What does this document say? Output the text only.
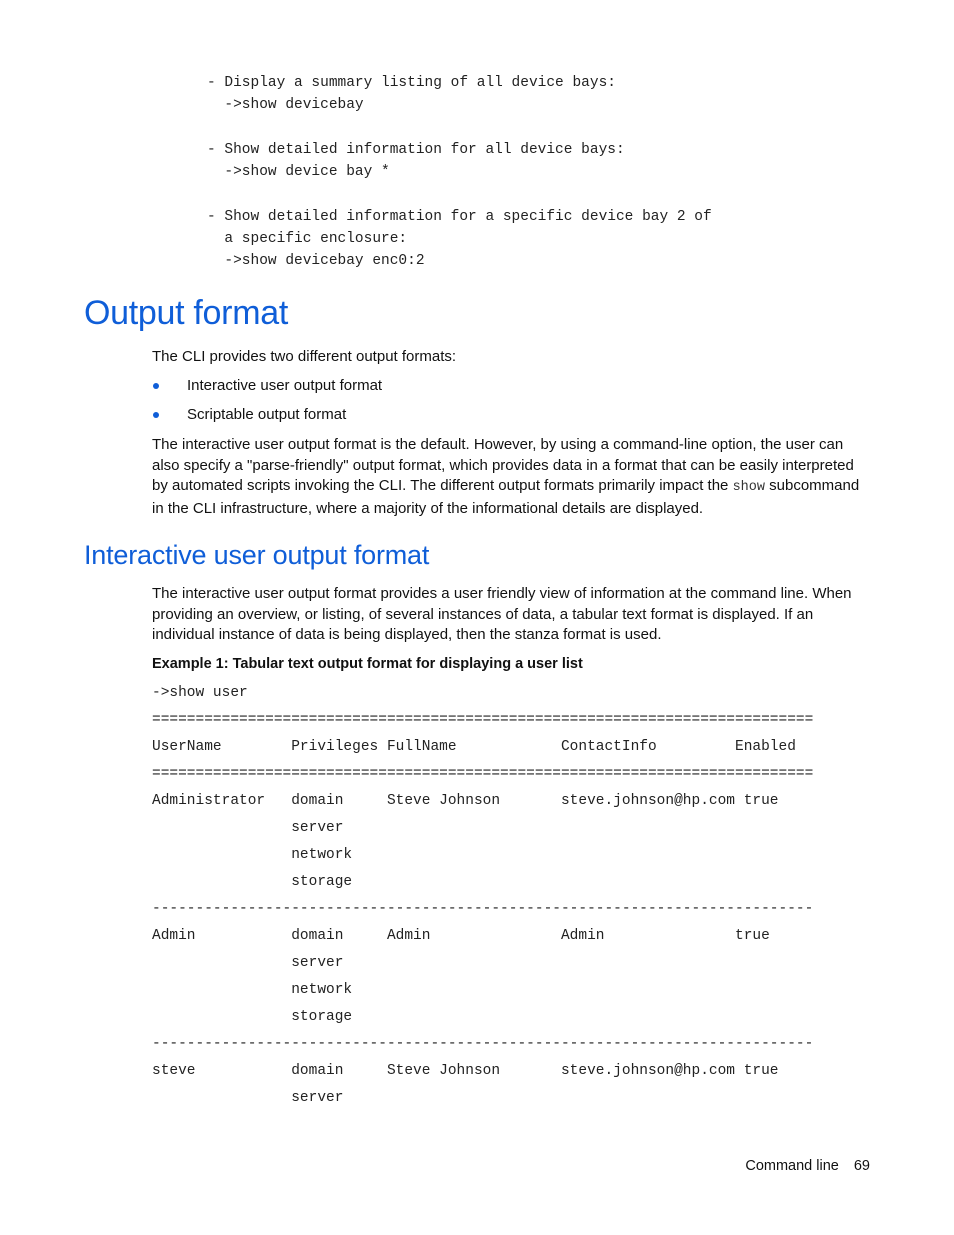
- Display a summary listing of all device bays:
->show devicebay
- Show detailed information for all device bays:
->show device bay *
- Show detailed information for a specific device bay 2 of
a specific enclosure:
->show devicebay enc0:2
Output format
The CLI provides two different output formats:
Interactive user output format
Scriptable output format
The interactive user output format is the default. However, by using a command-line option, the user can also specify a "parse-friendly" output format, which provides data in a format that can be easily interpreted by automated scripts invoking the CLI. The different output formats primarily impact the show subcommand in the CLI infrastructure, where a majority of the informational details are displayed.
Interactive user output format
The interactive user output format provides a user friendly view of information at the command line. When providing an overview, or listing, of several instances of data, a tabular text format is displayed. If an individual instance of data is being displayed, then the stanza format is used.
Example 1: Tabular text output format for displaying a user list
->show user
============================================================================
UserName        Privileges FullName            ContactInfo         Enabled
============================================================================
Administrator   domain     Steve Johnson       steve.johnson@hp.com true
server
network
storage
----------------------------------------------------------------------------
Admin           domain     Admin               Admin               true
server
network
storage
----------------------------------------------------------------------------
steve           domain     Steve Johnson       steve.johnson@hp.com true
server
Command line 69
